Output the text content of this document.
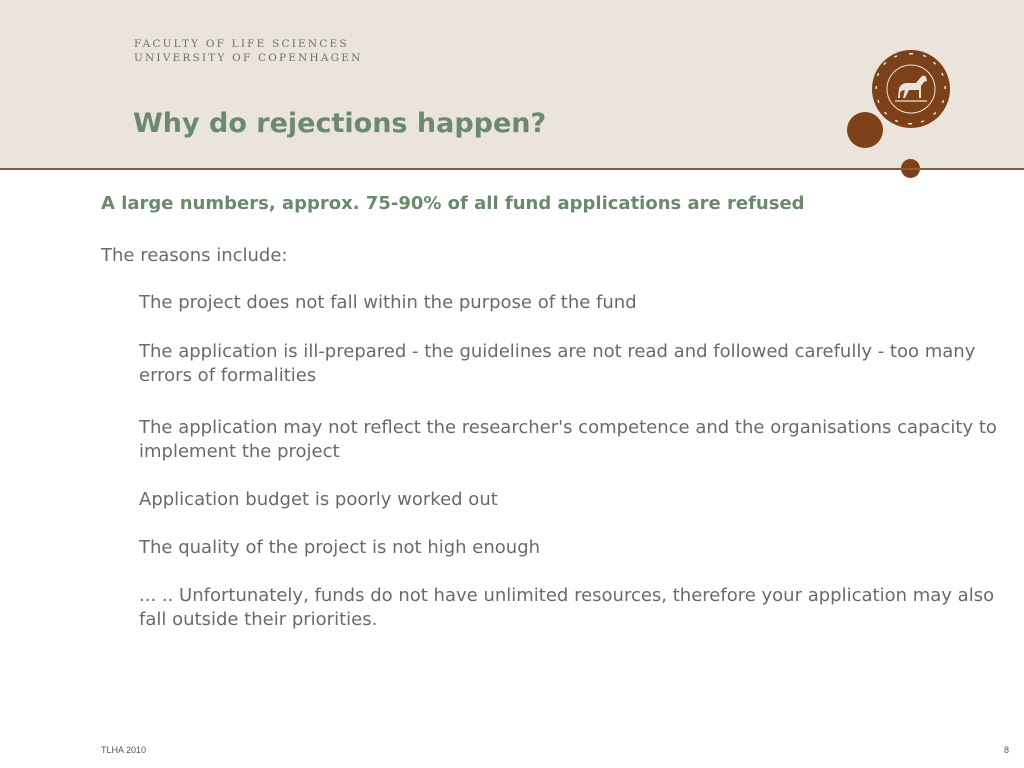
FACULTY OF LIFE SCIENCES
UNIVERSITY OF COPENHAGEN
Why do rejections happen?
A large numbers, approx. 75-90% of all fund applications are refused
The reasons include:
The project does not fall within the purpose of the fund
The application is ill-prepared - the guidelines are not read and followed carefully - too many errors of formalities
The application may not reflect the researcher's competence and the organisations capacity to implement the project
Application budget is poorly worked out
The quality of the project is not high enough
... .. Unfortunately, funds do not have unlimited resources, therefore your application may also fall outside their priorities.
TLHA 2010	8
